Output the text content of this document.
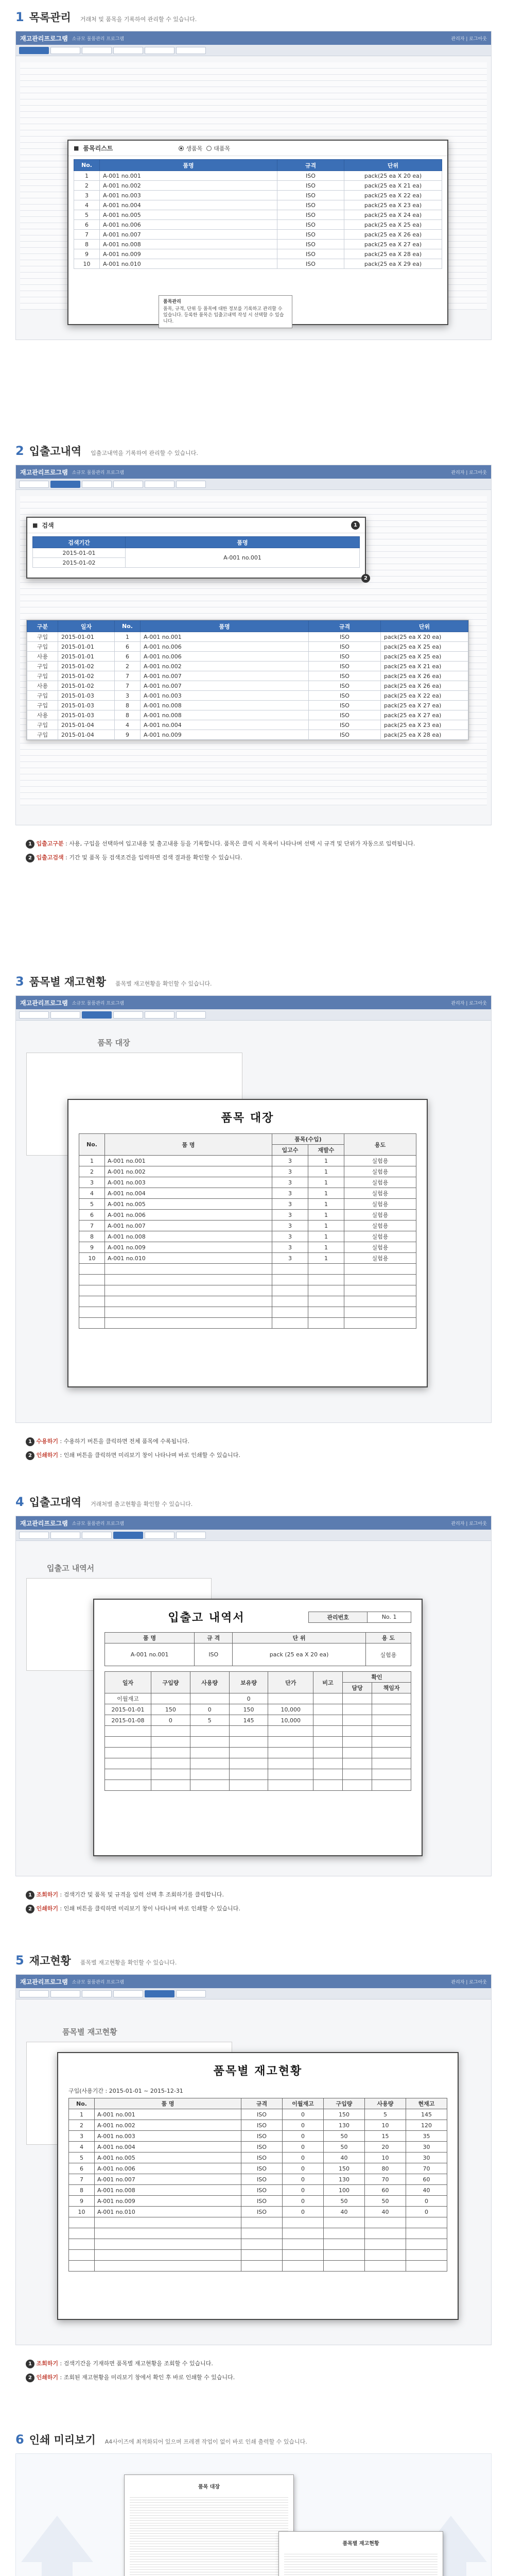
1 목록관리 거래처 및 품목을 기록하여 관리할 수 있습니다.
재고관리프로그램 소규모 물품관리 프로그램	관리자 | 로그아웃
■ 품목리스트	생품목 대품목
No.	품명	규격	단위
1	A-001 no.001	ISO	pack(25 ea X 20 ea)
2	A-001 no.002	ISO	pack(25 ea X 21 ea)
3	A-001 no.003	ISO	pack(25 ea X 22 ea)
4	A-001 no.004	ISO	pack(25 ea X 23 ea)
5	A-001 no.005	ISO	pack(25 ea X 24 ea)
6	A-001 no.006	ISO	pack(25 ea X 25 ea)
7	A-001 no.007	ISO	pack(25 ea X 26 ea)
8	A-001 no.008	ISO	pack(25 ea X 27 ea)
9	A-001 no.009	ISO	pack(25 ea X 28 ea)
10	A-001 no.010	ISO	pack(25 ea X 29 ea)
품목관리
품목, 규격, 단위 등 품목에 대한 정보를 기록하고 관리할 수 있습니다. 등록한 품목은 입출고내역 작성 시 선택할 수 있습니다.
2 입출고내역 입출고내역을 기록하여 관리할 수 있습니다.
재고관리프로그램 소규모 물품관리 프로그램	관리자 | 로그아웃
■ 검색	1
검색기간	품명
2015-01-01	A-001 no.001
2015-01-02	
2
구분	일자	No.	품명	규격	단위
구입	2015-01-01	1	A-001 no.001	ISO	pack(25 ea X 20 ea)
구입	2015-01-01	6	A-001 no.006	ISO	pack(25 ea X 25 ea)
사용	2015-01-01	6	A-001 no.006	ISO	pack(25 ea X 25 ea)
구입	2015-01-02	2	A-001 no.002	ISO	pack(25 ea X 21 ea)
구입	2015-01-02	7	A-001 no.007	ISO	pack(25 ea X 26 ea)
사용	2015-01-02	7	A-001 no.007	ISO	pack(25 ea X 26 ea)
구입	2015-01-03	3	A-001 no.003	ISO	pack(25 ea X 22 ea)
구입	2015-01-03	8	A-001 no.008	ISO	pack(25 ea X 27 ea)
사용	2015-01-03	8	A-001 no.008	ISO	pack(25 ea X 27 ea)
구입	2015-01-04	4	A-001 no.004	ISO	pack(25 ea X 23 ea)
구입	2015-01-04	9	A-001 no.009	ISO	pack(25 ea X 28 ea)
1 입출고구분 : 사용, 구입을 선택하여 입고내용 및 출고내용 등을 기록합니다. 품목은 클릭 시 목록이 나타나며 선택 시 규격 및 단위가 자동으로 입력됩니다.
2 입출고검색 : 기간 및 품목 등 검색조건을 입력하면 검색 결과를 확인할 수 있습니다.
3 품목별 재고현황 품목별 재고현황을 확인할 수 있습니다.
재고관리프로그램 소규모 물품관리 프로그램	관리자 | 로그아웃
품목 대장
품목 대장
No.	품 명	품목(수입)		용도
		입고수	재발수	
1	A-001 no.001	3	1	실험용
2	A-001 no.002	3	1	실험용
3	A-001 no.003	3	1	실험용
4	A-001 no.004	3	1	실험용
5	A-001 no.005	3	1	실험용
6	A-001 no.006	3	1	실험용
7	A-001 no.007	3	1	실험용
8	A-001 no.008	3	1	실험용
9	A-001 no.009	3	1	실험용
10	A-001 no.010	3	1	실험용

1 수용하기 : 수용하기 버튼을 클릭하면 전체 품목에 수록됩니다.
2 인쇄하기 : 인쇄 버튼을 클릭하면 미리보기 창이 나타나며 바로 인쇄할 수 있습니다.
4 입출고대역 거래처별 출고현황을 확인할 수 있습니다.
재고관리프로그램 소규모 물품관리 프로그램	관리자 | 로그아웃
입출고 내역서
입출고 내역서	관리번호	No. 1
품 명	규 격	단 위	용 도
A-001 no.001	ISO	pack (25 ea X 20 ea)	실험용
일자	구입량	사용량	보유량	단가	비고	확인	
						담당	책임자
이월재고			0				
2015-01-01	150	0	150	10,000			
2015-01-08	0	5	145	10,000			

1 조회하기 : 검색기간 및 품목 및 규격을 입력 선택 후 조회하기를 클릭합니다.
2 인쇄하기 : 인쇄 버튼을 클릭하면 미리보기 창이 나타나며 바로 인쇄할 수 있습니다.
5 재고현황 품목별 재고현황을 확인할 수 있습니다.
재고관리프로그램 소규모 물품관리 프로그램	관리자 | 로그아웃
품목별 재고현황
품목별 재고현황
구입(사용기간 : 2015-01-01 ~ 2015-12-31
No.	품 명	규격	이월재고	구입량	사용량	현재고
1	A-001 no.001	ISO	0	150	5	145
2	A-001 no.002	ISO	0	130	10	120
3	A-001 no.003	ISO	0	50	15	35
4	A-001 no.004	ISO	0	50	20	30
5	A-001 no.005	ISO	0	40	10	30
6	A-001 no.006	ISO	0	150	80	70
7	A-001 no.007	ISO	0	130	70	60
8	A-001 no.008	ISO	0	100	60	40
9	A-001 no.009	ISO	0	50	50	0
10	A-001 no.010	ISO	0	40	40	0

1 조회하기 : 검색기간을 기재하면 품목별 재고현황을 조회할 수 있습니다.
2 인쇄하기 : 조회된 재고현황을 미리보기 창에서 확인 후 바로 인쇄할 수 있습니다.
6 인쇄 미리보기 A4사이즈에 최적화되어 있으며 프레젠 작업이 없이 바로 인쇄 출력할 수 있습니다.
품목 대장
품목별 재고현황
